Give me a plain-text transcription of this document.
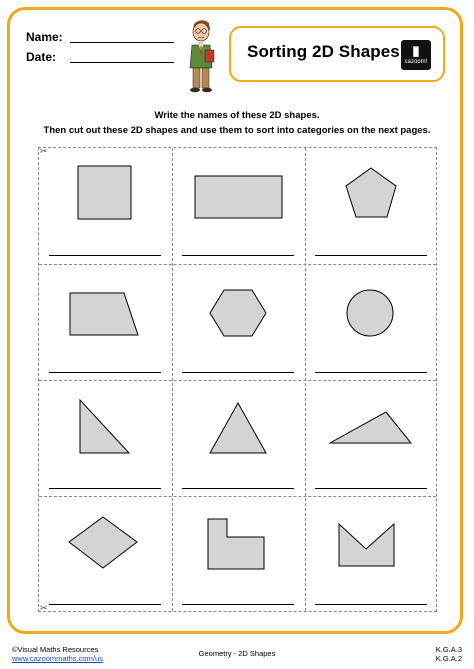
Name:
Date:	Sorting 2D Shapes ▮
cazoom!
Write the names of these 2D shapes.
Then cut out these 2D shapes and use them to sort into categories on the next pages.
✂
✂
©Visual Maths Resources
www.cazoommaths.com/us
Geometry - 2D Shapes	K.G.A.3
K.G.A.2
